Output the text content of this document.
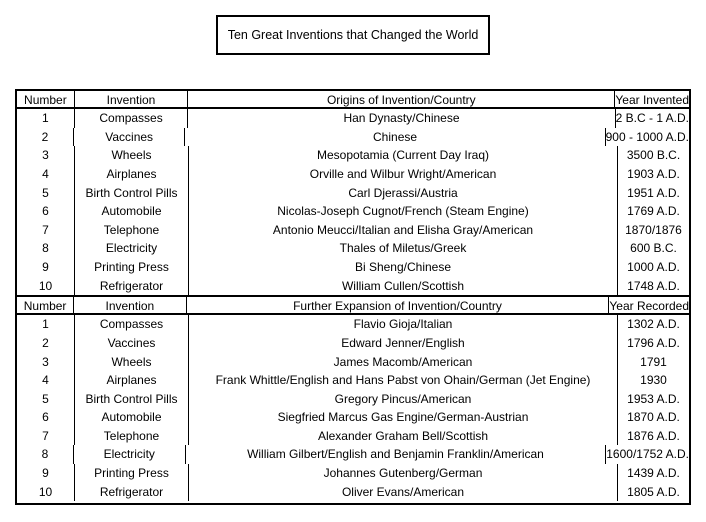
Ten Great Inventions that Changed the World
Number	Invention	Origins of Invention/Country	Year Invented
1	Compasses	Han Dynasty/Chinese	2 B.C - 1 A.D.
2	Vaccines	Chinese	900 - 1000 A.D.
3	Wheels	Mesopotamia (Current Day Iraq)	3500 B.C.
4	Airplanes	Orville and Wilbur Wright/American	1903 A.D.
5	Birth Control Pills	Carl Djerassi/Austria	1951 A.D.
6	Automobile	Nicolas-Joseph Cugnot/French (Steam Engine)	1769 A.D.
7	Telephone	Antonio Meucci/Italian and Elisha Gray/American	1870/1876
8	Electricity	Thales of Miletus/Greek	600 B.C.
9	Printing Press	Bi Sheng/Chinese	1000 A.D.
10	Refrigerator	William Cullen/Scottish	1748 A.D.
Number	Invention	Further Expansion of Invention/Country	Year Recorded
1	Compasses	Flavio Gioja/Italian	1302 A.D.
2	Vaccines	Edward Jenner/English	1796 A.D.
3	Wheels	James Macomb/American	1791
4	Airplanes	Frank Whittle/English and Hans Pabst von Ohain/German (Jet Engine)	1930
5	Birth Control Pills	Gregory Pincus/American	1953 A.D.
6	Automobile	Siegfried Marcus Gas Engine/German-Austrian	1870 A.D.
7	Telephone	Alexander Graham Bell/Scottish	1876 A.D.
8	Electricity	William Gilbert/English and Benjamin Franklin/American	1600/1752 A.D.
9	Printing Press	Johannes Gutenberg/German	1439 A.D.
10	Refrigerator	Oliver Evans/American	1805 A.D.
